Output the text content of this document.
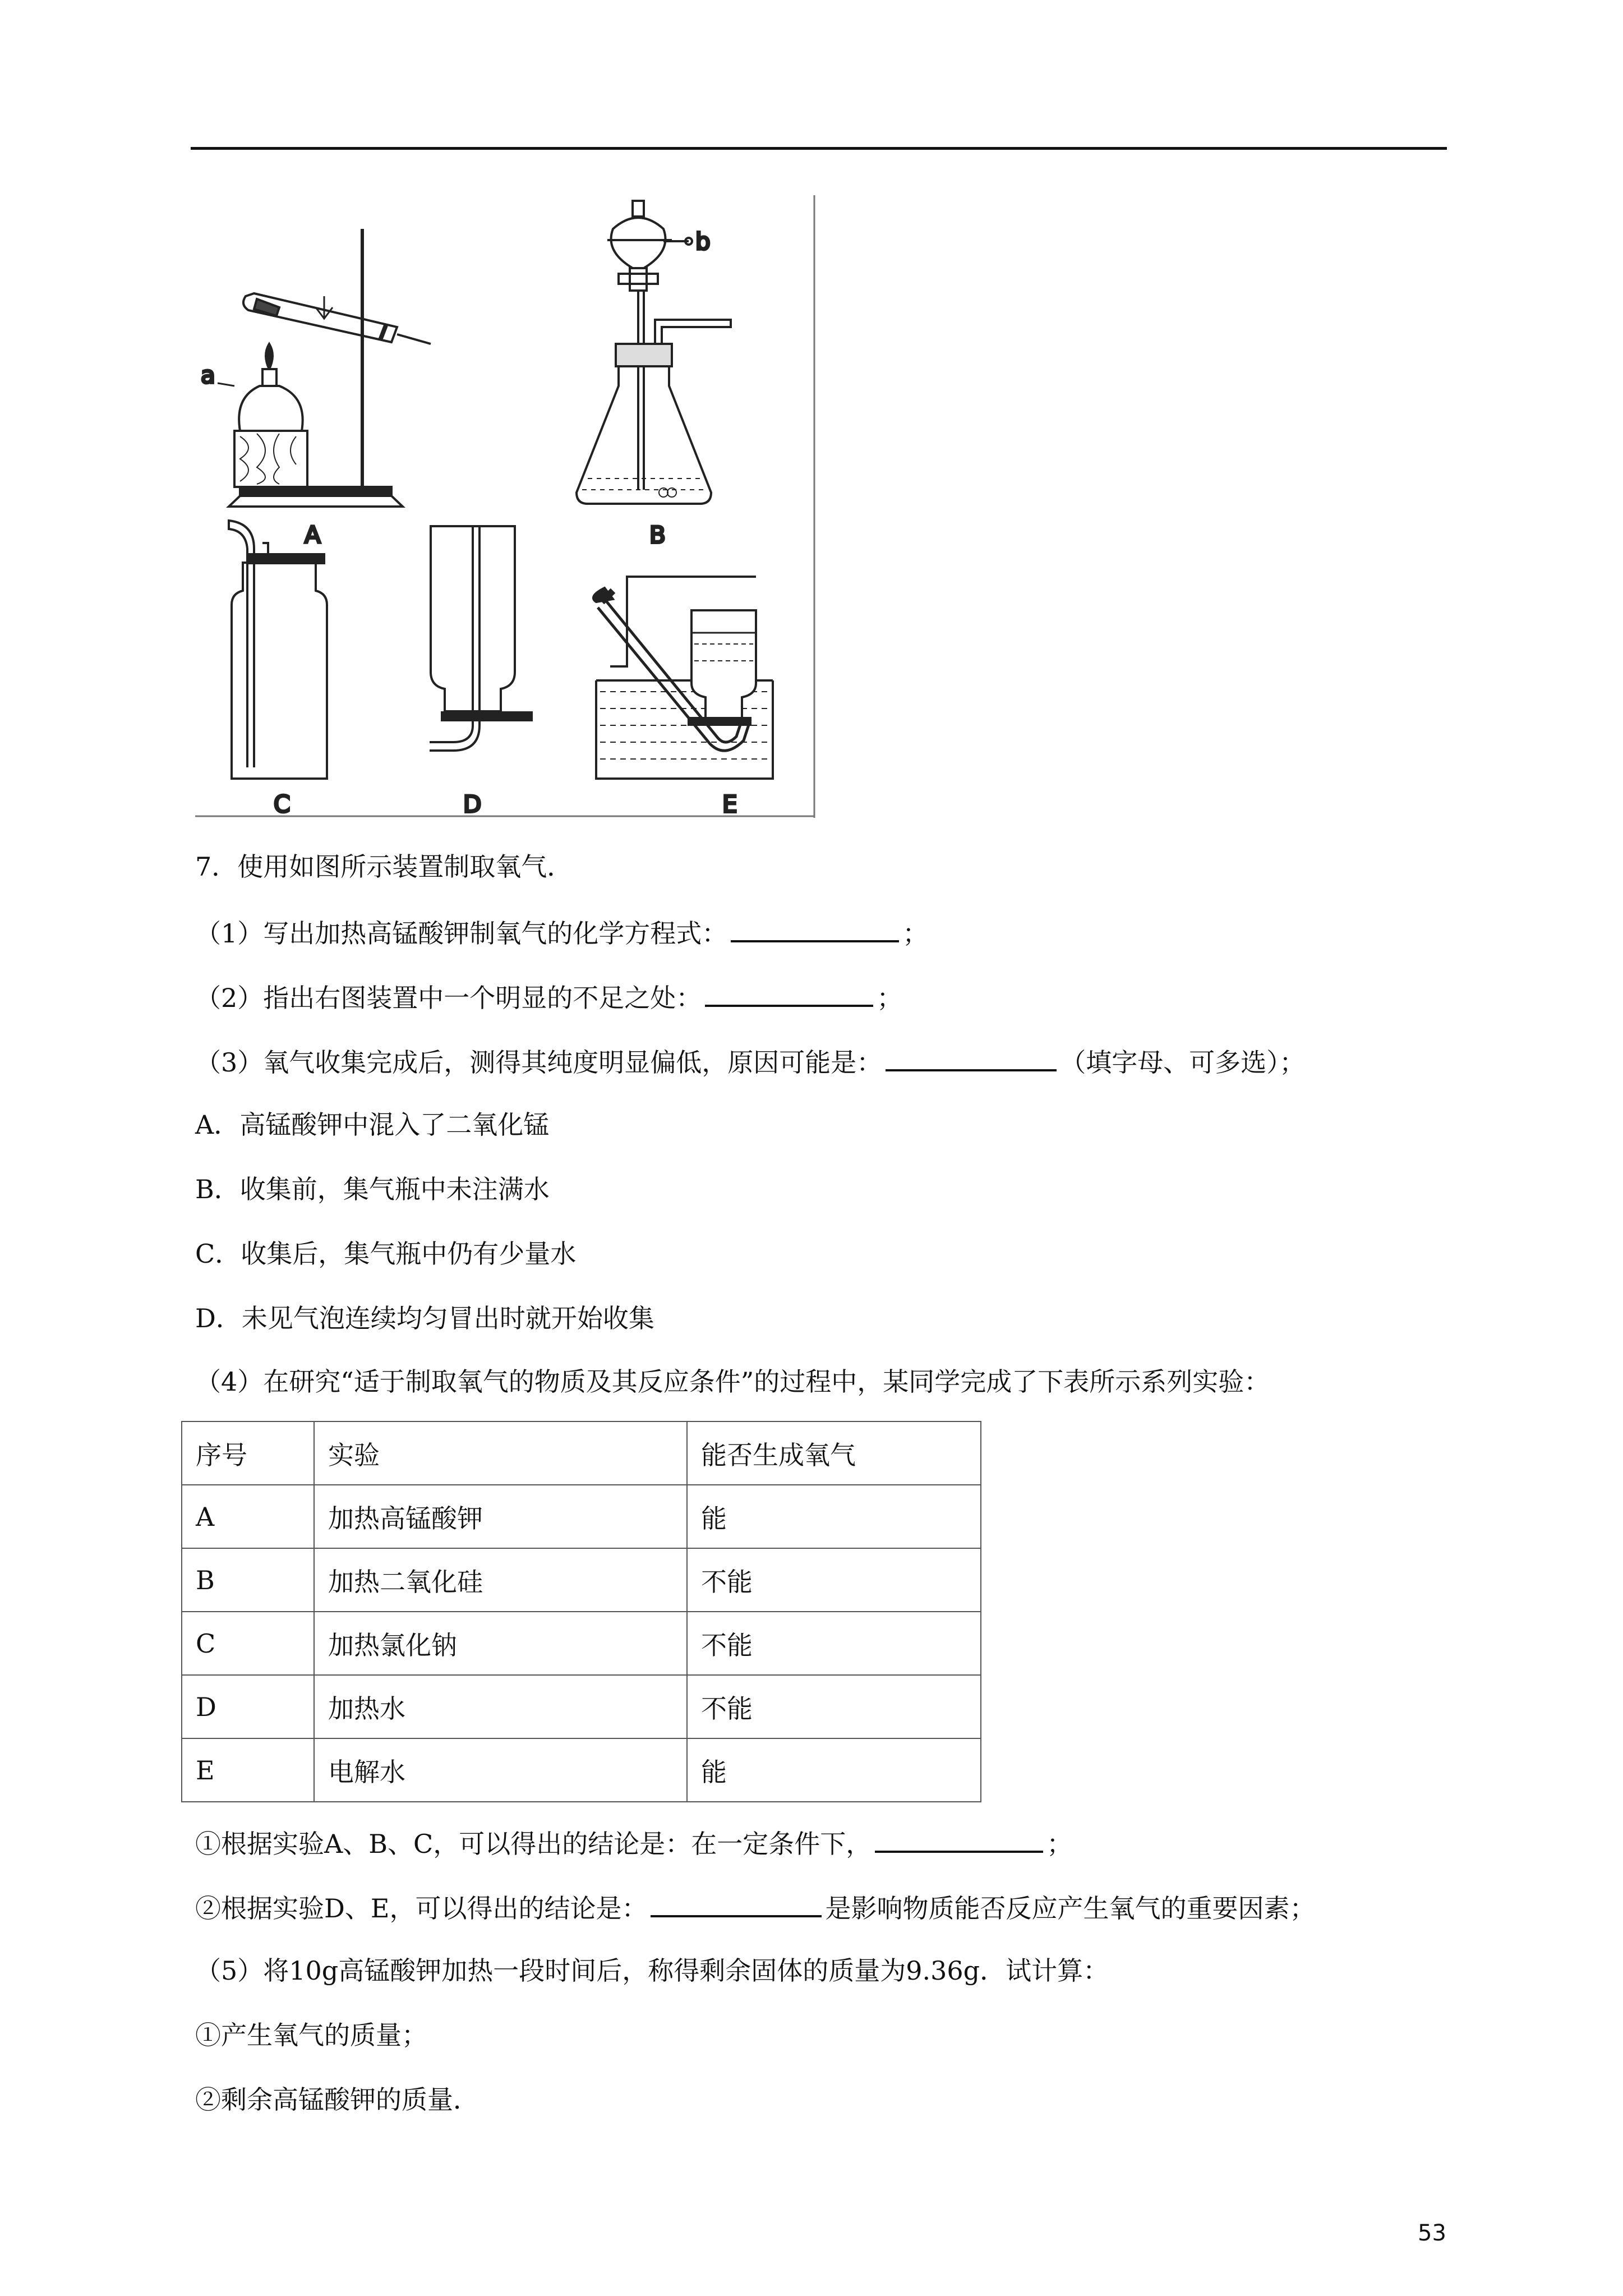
a
b
A	B
C	D	E
7．使用如图所示装置制取氧气．
（1）写出加热高锰酸钾制氧气的化学方程式：	；
（2）指出右图装置中一个明显的不足之处：	；
（3）氧气收集完成后，测得其纯度明显偏低，原因可能是：	（填字母、可多选）；
A．高锰酸钾中混入了二氧化锰
B．收集前，集气瓶中未注满水
C．收集后，集气瓶中仍有少量水
D．未见气泡连续均匀冒出时就开始收集
（4）在研究“适于制取氧气的物质及其反应条件”的过程中，某同学完成了下表所示系列实验：
序号	实验	能否生成氧气
A	加热高锰酸钾	能
B	加热二氧化硅	不能
C	加热氯化钠	不能
D	加热水	不能
E	电解水	能
①根据实验A、B、C，可以得出的结论是：在一定条件下，	；
②根据实验D、E，可以得出的结论是：	是影响物质能否反应产生氧气的重要因素；
（5）将10g高锰酸钾加热一段时间后，称得剩余固体的质量为9.36g．试计算：
①产生氧气的质量；
②剩余高锰酸钾的质量．
53
